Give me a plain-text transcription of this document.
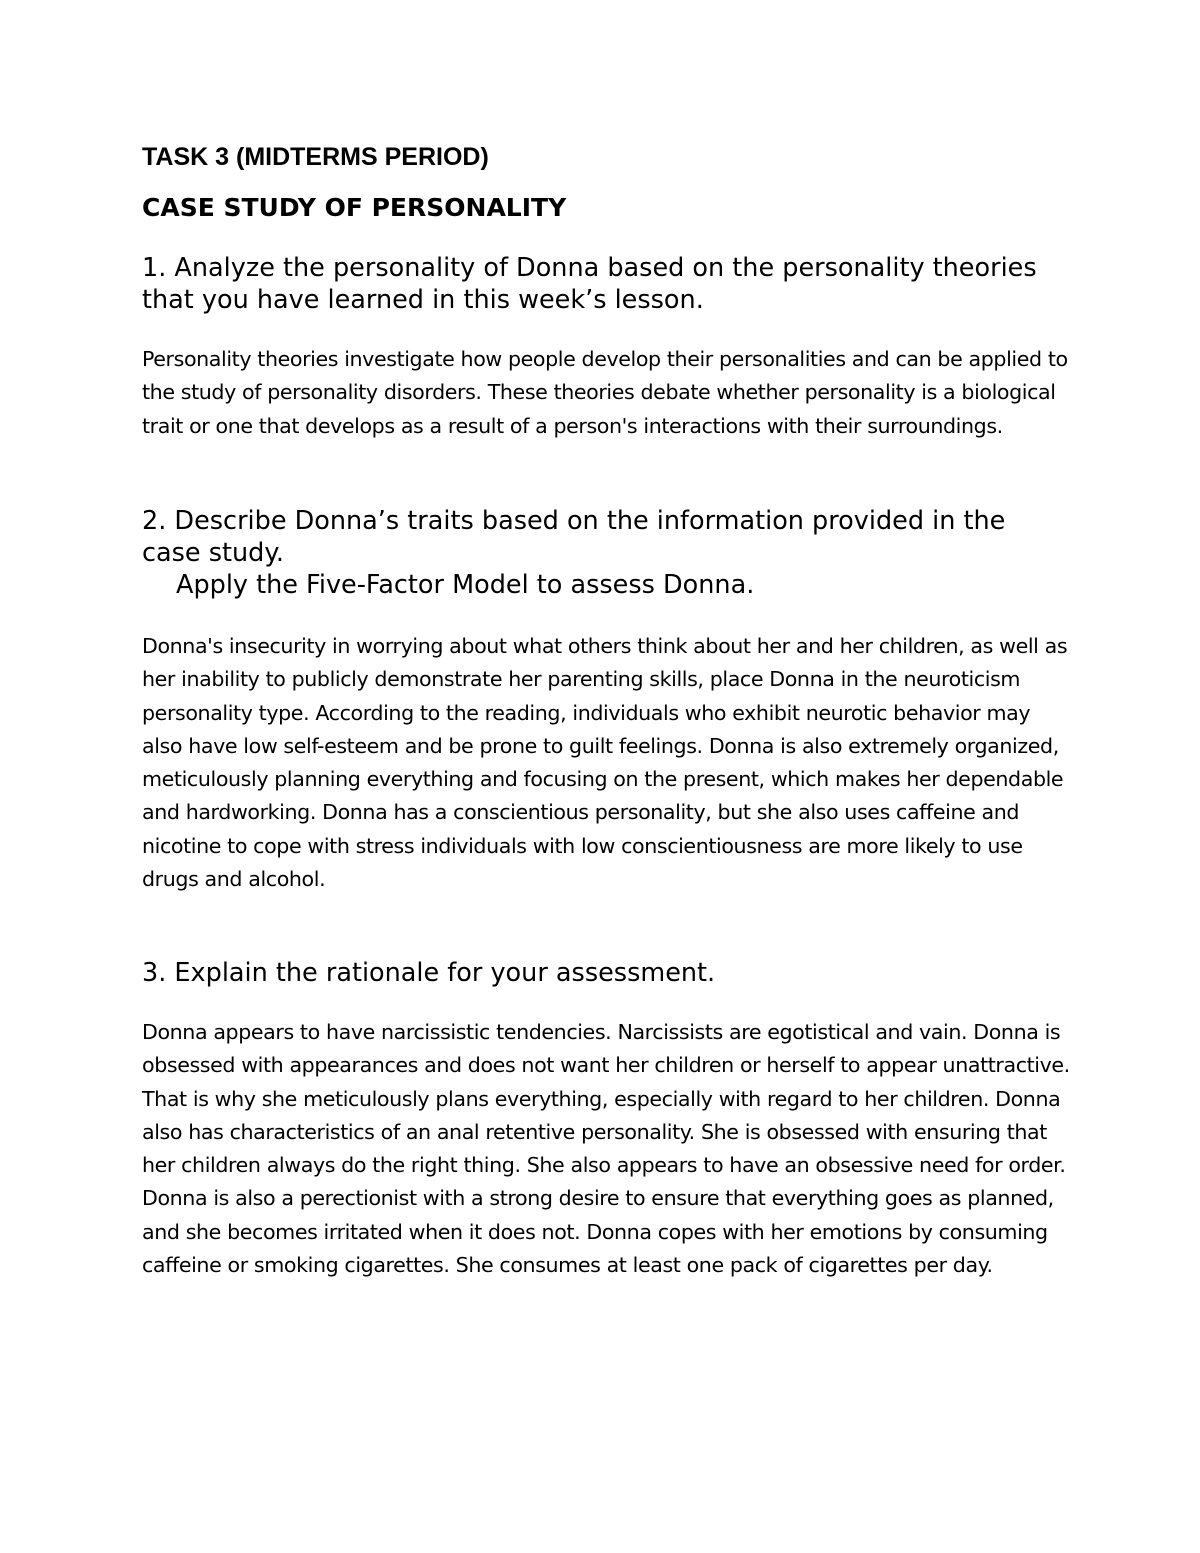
TASK 3 (MIDTERMS PERIOD)
CASE STUDY OF PERSONALITY

1. Analyze the personality of Donna based on the personality theories that you have learned in this week’s lesson.

Personality theories investigate how people develop their personalities and can be applied to the study of personality disorders. These theories debate whether personality is a biological trait or one that develops as a result of a person's interactions with their surroundings.

2. Describe Donna’s traits based on the information provided in the case study.
Apply the Five-Factor Model to assess Donna.

Donna's insecurity in worrying about what others think about her and her children, as well as her inability to publicly demonstrate her parenting skills, place Donna in the neuroticism personality type. According to the reading, individuals who exhibit neurotic behavior may also have low self-esteem and be prone to guilt feelings. Donna is also extremely organized, meticulously planning everything and focusing on the present, which makes her dependable and hardworking. Donna has a conscientious personality, but she also uses caffeine and nicotine to cope with stress individuals with low conscientiousness are more likely to use drugs and alcohol.

3. Explain the rationale for your assessment.

Donna appears to have narcissistic tendencies. Narcissists are egotistical and vain. Donna is obsessed with appearances and does not want her children or herself to appear unattractive. That is why she meticulously plans everything, especially with regard to her children. Donna also has characteristics of an anal retentive personality. She is obsessed with ensuring that her children always do the right thing. She also appears to have an obsessive need for order. Donna is also a perectionist with a strong desire to ensure that everything goes as planned, and she becomes irritated when it does not. Donna copes with her emotions by consuming caffeine or smoking cigarettes. She consumes at least one pack of cigarettes per day.
